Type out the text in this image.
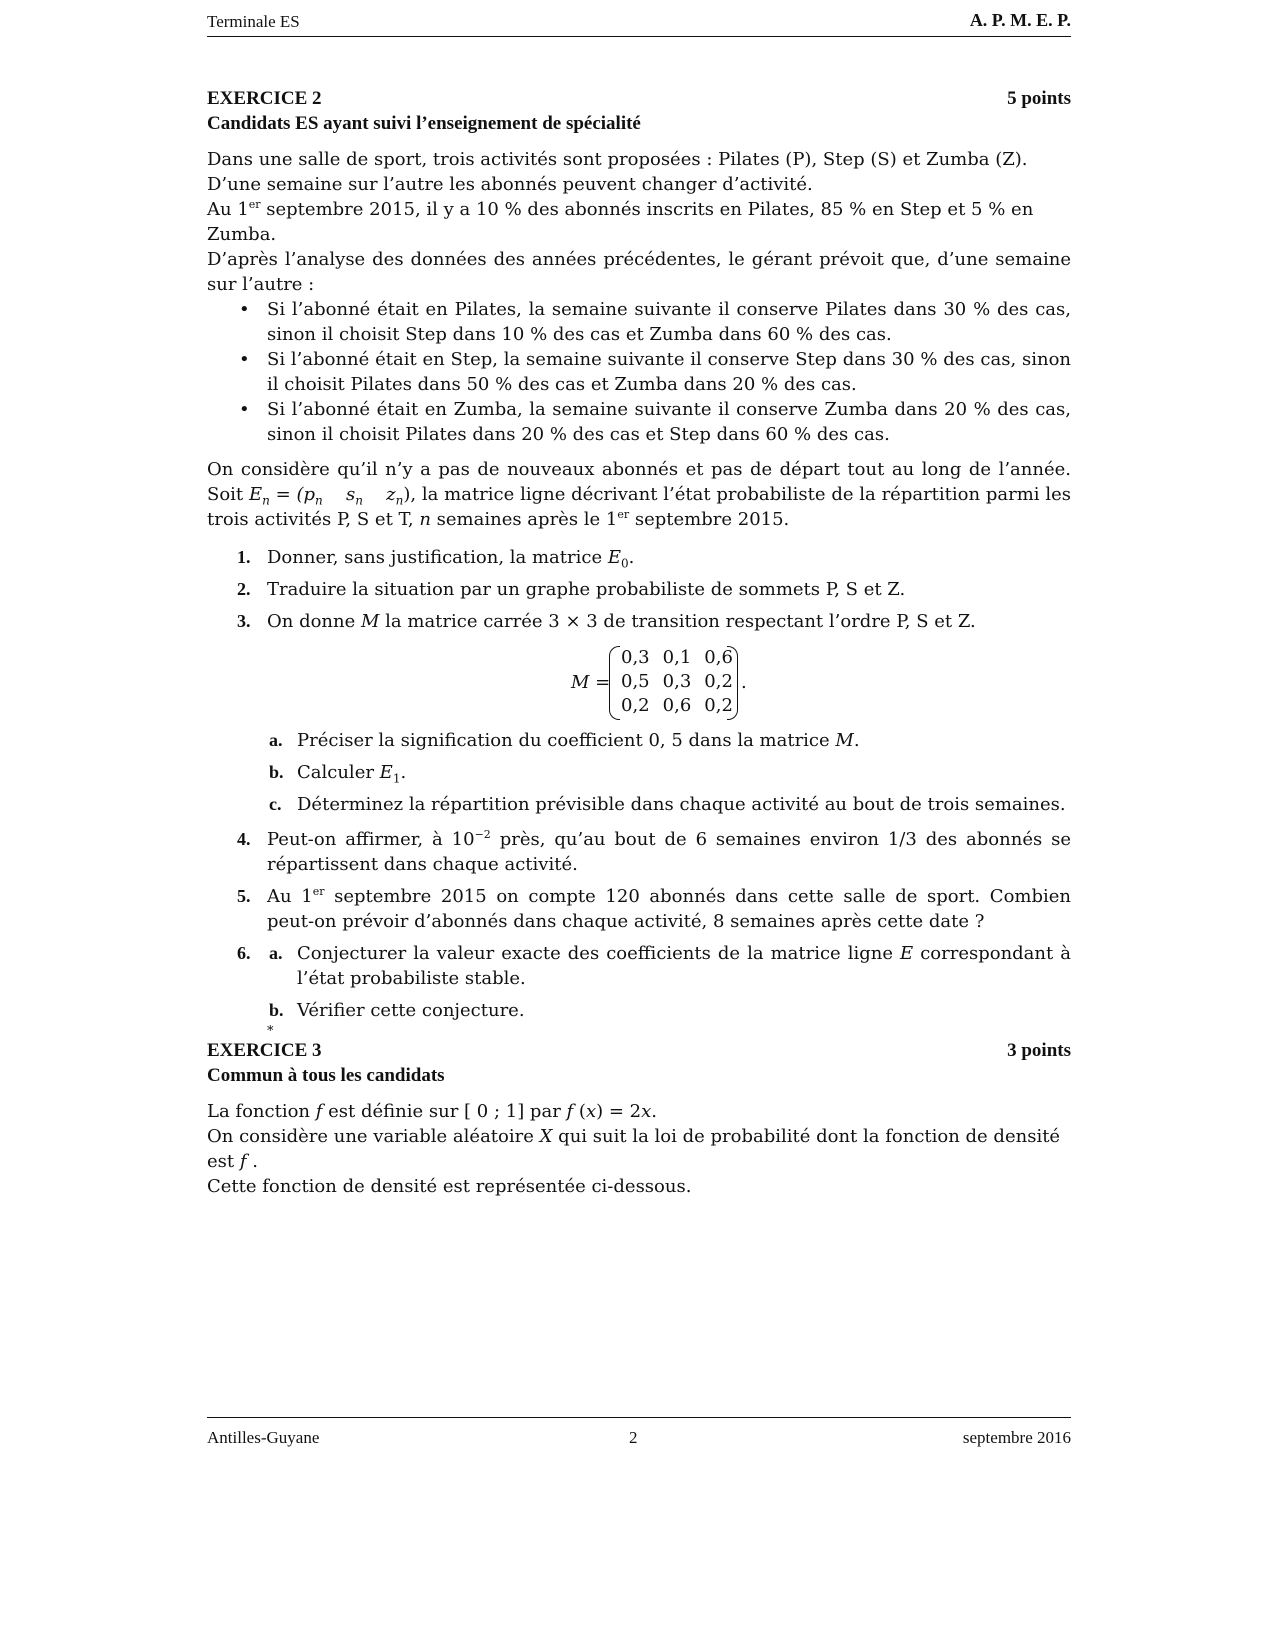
Terminale ES	A. P. M. E. P.
EXERCICE 2	5 points
Candidats ES ayant suivi l’enseignement de spécialité

Dans une salle de sport, trois activités sont proposées : Pilates (P), Step (S) et Zumba (Z).

D’une semaine sur l’autre les abonnés peuvent changer d’activité.

Au 1er septembre 2015, il y a 10 % des abonnés inscrits en Pilates, 85 % en Step et 5 % en Zumba.

D’après l’analyse des données des années précédentes, le gérant prévoit que, d’une semaine sur l’autre :

• Si l’abonné était en Pilates, la semaine suivante il conserve Pilates dans 30 % des cas, sinon il choisit Step dans 10 % des cas et Zumba dans 60 % des cas.
• Si l’abonné était en Step, la semaine suivante il conserve Step dans 30 % des cas, sinon il choisit Pilates dans 50 % des cas et Zumba dans 20 % des cas.
• Si l’abonné était en Zumba, la semaine suivante il conserve Zumba dans 20 % des cas, sinon il choisit Pilates dans 20 % des cas et Step dans 60 % des cas.

On considère qu’il n’y a pas de nouveaux abonnés et pas de départ tout au long de l’année. Soit $E_n = (p_n$ $s_n$ $z_n$), la matrice ligne décrivant l’état probabiliste de la répartition parmi les trois activités P, S et T, n semaines après le 1er septembre 2015.

1. Donner, sans justification, la matrice $E_0$.
2. Traduire la situation par un graphe probabiliste de sommets P, S et Z.
3. On donne M la matrice carrée 3 × 3 de transition respectant l’ordre P, S et Z.
M =
0,3	0,1	0,6
0,5	0,3	0,2
0,2	0,6	0,2
.
a. Préciser la signification du coefficient 0, 5 dans la matrice M.
b. Calculer $E_1$.
c. Déterminez la répartition prévisible dans chaque activité au bout de trois semaines.
4. Peut-on affirmer, à $10^{-2}$ près, qu’au bout de 6 semaines environ 1/3 des abonnés se répartissent dans chaque activité.
5. Au 1er septembre 2015 on compte 120 abonnés dans cette salle de sport. Combien peut-on prévoir d’abonnés dans chaque activité, 8 semaines après cette date ?
6. a. Conjecturer la valeur exacte des coefficients de la matrice ligne E correspondant à l’état probabiliste stable.
b. Vérifier cette conjecture.
*
EXERCICE 3	3 points
Commun à tous les candidats

La fonction f est définie sur [ 0 ; 1] par f (x) = 2x.

On considère une variable aléatoire X qui suit la loi de probabilité dont la fonction de densité est f .

Cette fonction de densité est représentée ci-dessous.

Antilles-Guyane	2	septembre 2016
